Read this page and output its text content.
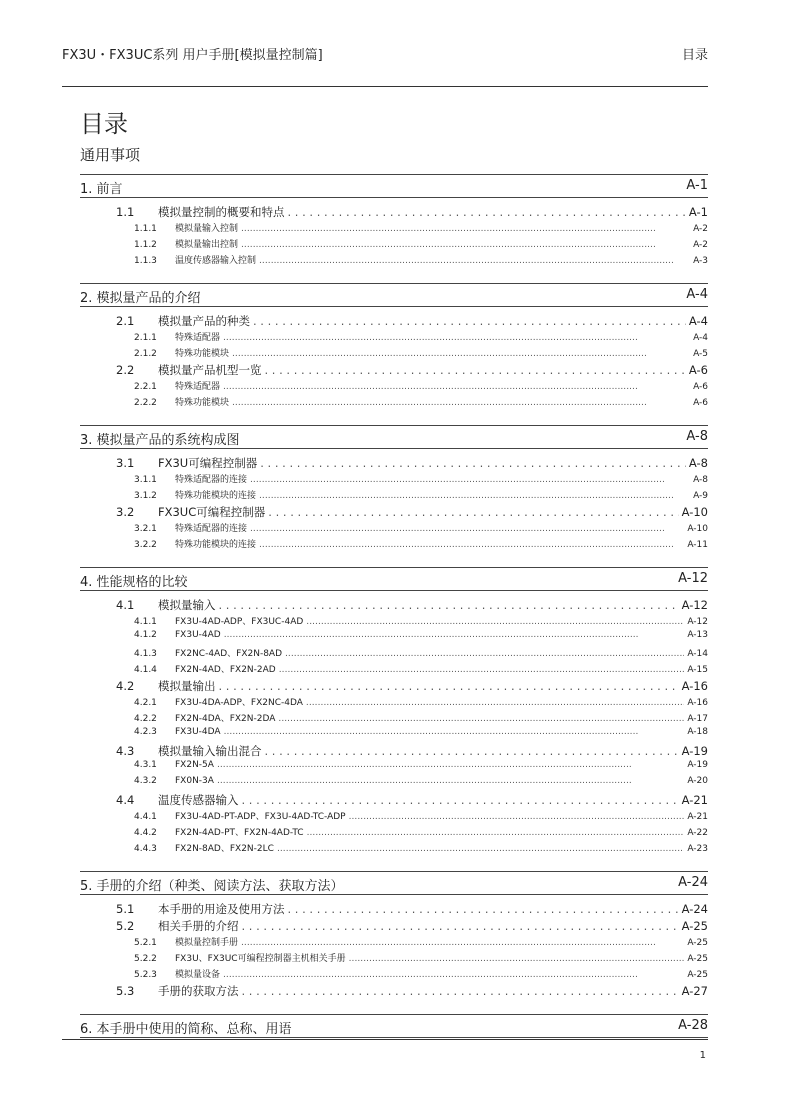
FX3U・FX3UC系列 用户手册[模拟量控制篇]	目录
目录
通用事项
1. 前言	A-1
1.1	模拟量控制的概要和特点 . . .	A-1
1.1.1	模拟量输入控制 . . .	A-2
1.1.2	模拟量输出控制 . . .	A-2
1.1.3	温度传感器输入控制 . . .	A-3
2. 模拟量产品的介绍	A-4
2.1	模拟量产品的种类 . . .	A-4
2.1.1	特殊适配器 . . .	A-4
2.1.2	特殊功能模块 . . .	A-5
2.2	模拟量产品机型一览 . . .	A-6
2.2.1	特殊适配器 . . .	A-6
2.2.2	特殊功能模块 . . .	A-6
3. 模拟量产品的系统构成图	A-8
3.1	FX3U可编程控制器 . . .	A-8
3.1.1	特殊适配器的连接 . . .	A-8
3.1.2	特殊功能模块的连接 . . .	A-9
3.2	FX3UC可编程控制器 . . .	A-10
3.2.1	特殊适配器的连接 . . .	A-10
3.2.2	特殊功能模块的连接 . . .	A-11
4. 性能规格的比较	A-12
4.1	模拟量输入 . . .	A-12
4.1.1	FX3U-4AD-ADP、FX3UC-4AD . . .	A-12
4.1.2	FX3U-4AD . . .	A-13
4.1.3	FX2NC-4AD、FX2N-8AD . . .	A-14
4.1.4	FX2N-4AD、FX2N-2AD . . .	A-15
4.2	模拟量输出 . . .	A-16
4.2.1	FX3U-4DA-ADP、FX2NC-4DA . . .	A-16
4.2.2	FX2N-4DA、FX2N-2DA . . .	A-17
4.2.3	FX3U-4DA . . .	A-18
4.3	模拟量输入输出混合 . . .	A-19
4.3.1	FX2N-5A . . .	A-19
4.3.2	FX0N-3A . . .	A-20
4.4	温度传感器输入 . . .	A-21
4.4.1	FX3U-4AD-PT-ADP、FX3U-4AD-TC-ADP . . .	A-21
4.4.2	FX2N-4AD-PT、FX2N-4AD-TC . . .	A-22
4.4.3	FX2N-8AD、FX2N-2LC . . .	A-23
5. 手册的介绍（种类、阅读方法、获取方法）	A-24
5.1	本手册的用途及使用方法 . . .	A-24
5.2	相关手册的介绍 . . .	A-25
5.2.1	模拟量控制手册 . . .	A-25
5.2.2	FX3U、FX3UC可编程控制器主机相关手册 . . .	A-25
5.2.3	模拟量设备 . . .	A-25
5.3	手册的获取方法 . . .	A-27
6. 本手册中使用的简称、总称、用语	A-28
1
